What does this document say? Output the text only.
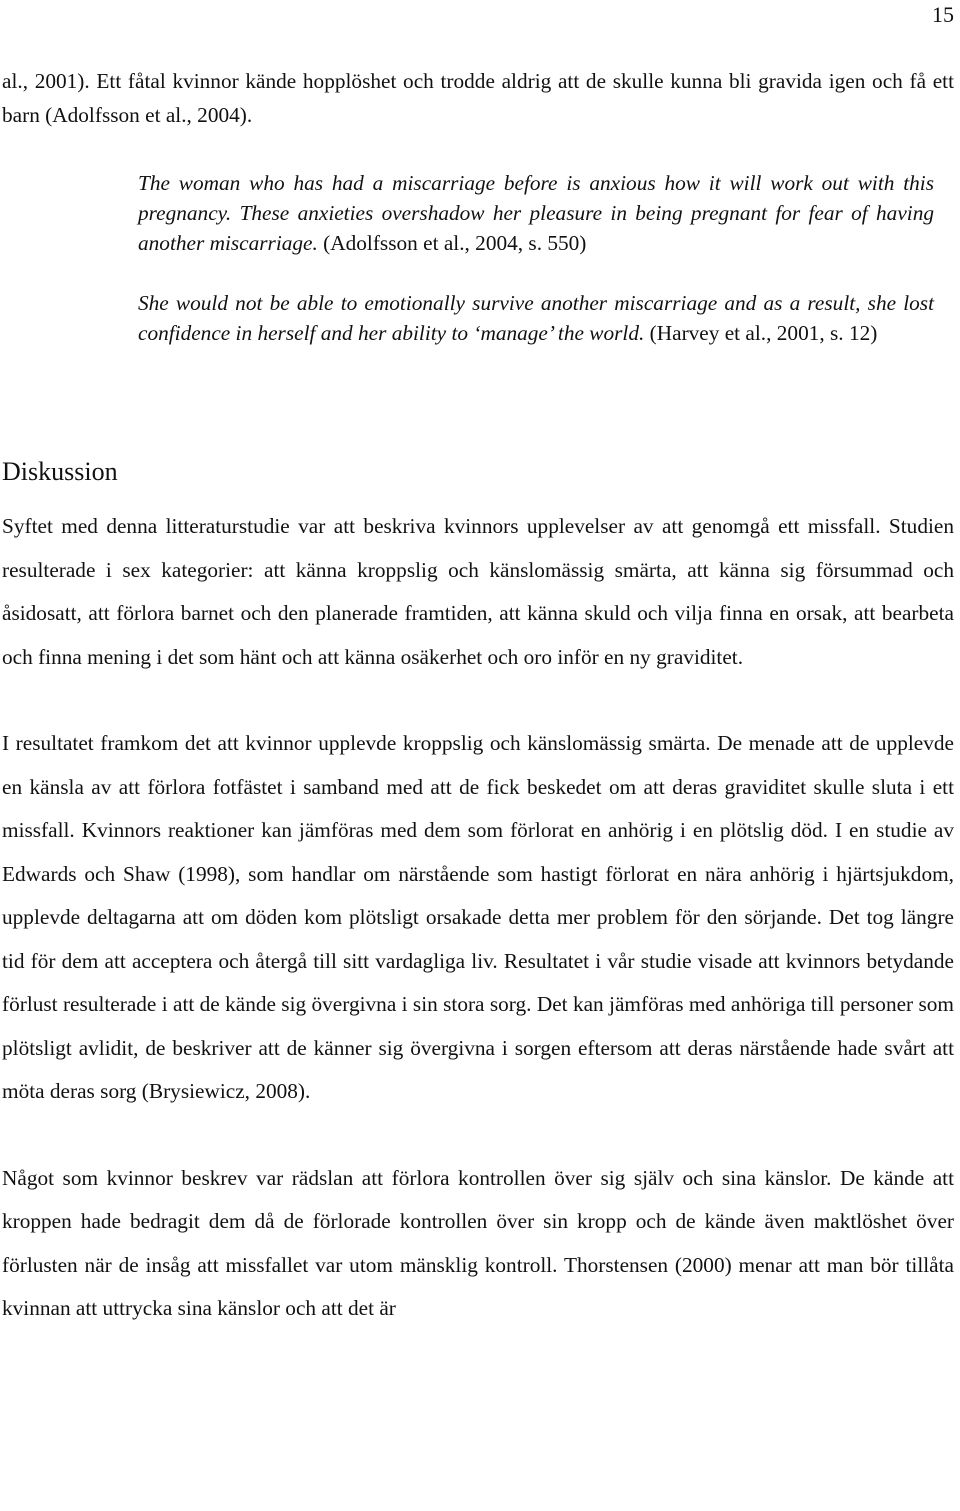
15

al., 2001). Ett fåtal kvinnor kände hopplöshet och trodde aldrig att de skulle kunna bli gravida igen och få ett barn (Adolfsson et al., 2004).

The woman who has had a miscarriage before is anxious how it will work out with this pregnancy. These anxieties overshadow her pleasure in being pregnant for fear of having another miscarriage. (Adolfsson et al., 2004, s. 550)

She would not be able to emotionally survive another miscarriage and as a result, she lost confidence in herself and her ability to ‘manage’ the world. (Harvey et al., 2001, s. 12)

Diskussion

Syftet med denna litteraturstudie var att beskriva kvinnors upplevelser av att genomgå ett missfall. Studien resulterade i sex kategorier: att känna kroppslig och känslomässig smärta, att känna sig försummad och åsidosatt, att förlora barnet och den planerade framtiden, att känna skuld och vilja finna en orsak, att bearbeta och finna mening i det som hänt och att känna osäkerhet och oro inför en ny graviditet.

I resultatet framkom det att kvinnor upplevde kroppslig och känslomässig smärta. De menade att de upplevde en känsla av att förlora fotfästet i samband med att de fick beskedet om att deras graviditet skulle sluta i ett missfall. Kvinnors reaktioner kan jämföras med dem som förlorat en anhörig i en plötslig död. I en studie av Edwards och Shaw (1998), som handlar om närstående som hastigt förlorat en nära anhörig i hjärtsjukdom, upplevde deltagarna att om döden kom plötsligt orsakade detta mer problem för den sörjande. Det tog längre tid för dem att acceptera och återgå till sitt vardagliga liv. Resultatet i vår studie visade att kvinnors betydande förlust resulterade i att de kände sig övergivna i sin stora sorg. Det kan jämföras med anhöriga till personer som plötsligt avlidit, de beskriver att de känner sig övergivna i sorgen eftersom att deras närstående hade svårt att möta deras sorg (Brysiewicz, 2008).

Något som kvinnor beskrev var rädslan att förlora kontrollen över sig själv och sina känslor. De kände att kroppen hade bedragit dem då de förlorade kontrollen över sin kropp och de kände även maktlöshet över förlusten när de insåg att missfallet var utom mänsklig kontroll. Thorstensen (2000) menar att man bör tillåta kvinnan att uttrycka sina känslor och att det är
